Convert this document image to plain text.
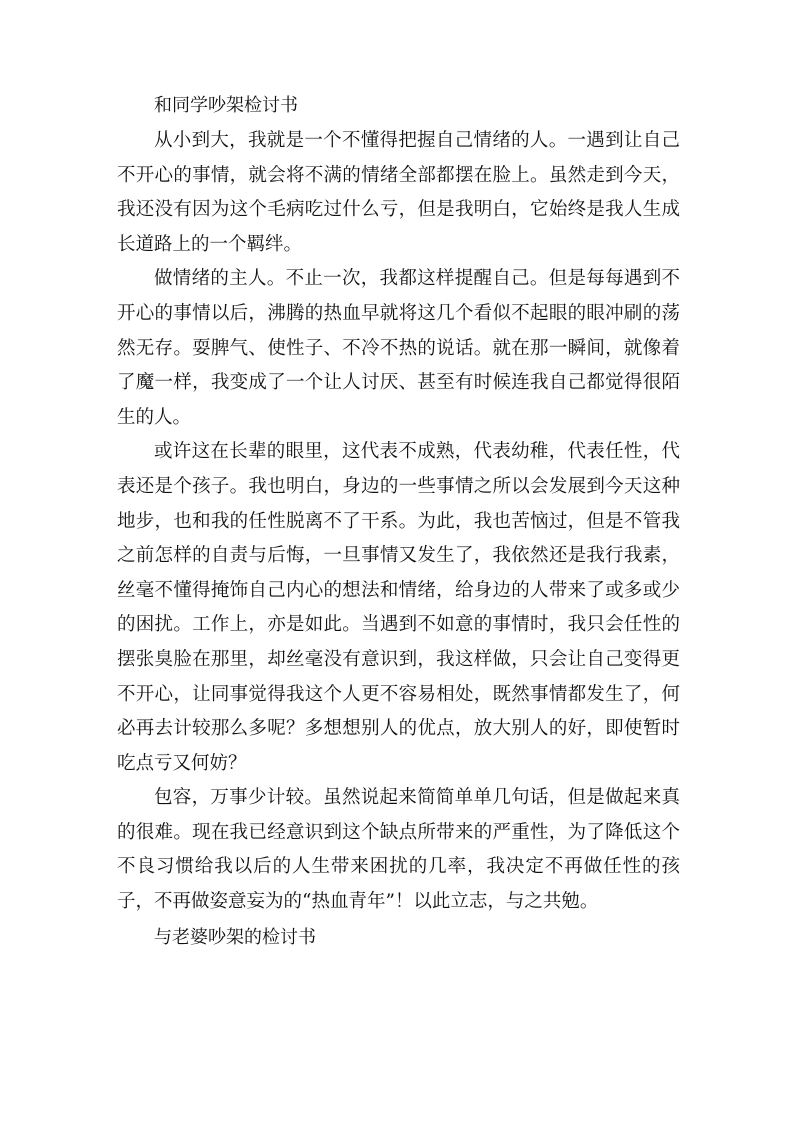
和同学吵架检讨书

从小到大，我就是一个不懂得把握自己情绪的人。一遇到让自己不开心的事情，就会将不满的情绪全部都摆在脸上。虽然走到今天，我还没有因为这个毛病吃过什么亏，但是我明白，它始终是我人生成长道路上的一个羁绊。

做情绪的主人。不止一次，我都这样提醒自己。但是每每遇到不开心的事情以后，沸腾的热血早就将这几个看似不起眼的眼冲刷的荡然无存。耍脾气、使性子、不冷不热的说话。就在那一瞬间，就像着了魔一样，我变成了一个让人讨厌、甚至有时候连我自己都觉得很陌生的人。

或许这在长辈的眼里，这代表不成熟，代表幼稚，代表任性，代表还是个孩子。我也明白，身边的一些事情之所以会发展到今天这种地步，也和我的任性脱离不了干系。为此，我也苦恼过，但是不管我之前怎样的自责与后悔，一旦事情又发生了，我依然还是我行我素，丝毫不懂得掩饰自己内心的想法和情绪，给身边的人带来了或多或少的困扰。工作上，亦是如此。当遇到不如意的事情时，我只会任性的摆张臭脸在那里，却丝毫没有意识到，我这样做，只会让自己变得更不开心，让同事觉得我这个人更不容易相处，既然事情都发生了，何必再去计较那么多呢？多想想别人的优点，放大别人的好，即使暂时吃点亏又何妨？

包容，万事少计较。虽然说起来简简单单几句话，但是做起来真的很难。现在我已经意识到这个缺点所带来的严重性，为了降低这个不良习惯给我以后的人生带来困扰的几率，我决定不再做任性的孩子，不再做姿意妄为的“热血青年”！以此立志，与之共勉。

与老婆吵架的检讨书
